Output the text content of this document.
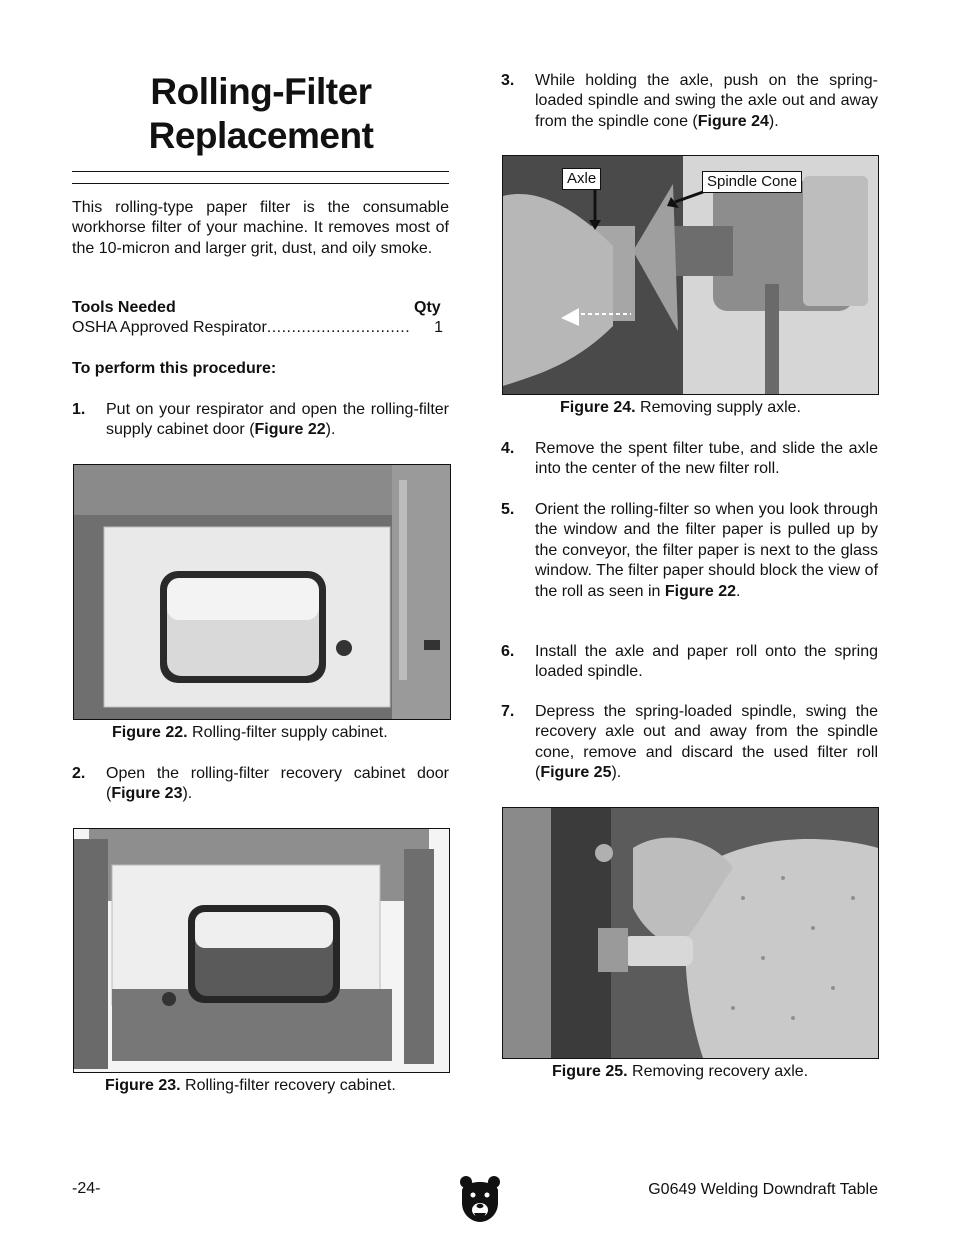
Rolling-Filter
Replacement
This rolling-type paper filter is the consumable workhorse filter of your machine. It removes most of the 10-micron and larger grit, dust, and oily smoke.
Tools Needed	Qty
OSHA Approved Respirator............................. 1
To perform this procedure:
1. Put on your respirator and open the rolling-filter supply cabinet door (Figure 22).
Figure 22. Rolling-filter supply cabinet.
2. Open the rolling-filter recovery cabinet door (Figure 23).
Figure 23. Rolling-filter recovery cabinet.
3. While holding the axle, push on the spring-loaded spindle and swing the axle out and away from the spindle cone (Figure 24).
Axle	Spindle Cone
Figure 24. Removing supply axle.
4. Remove the spent filter tube, and slide the axle into the center of the new filter roll.
5. Orient the rolling-filter so when you look through the window and the filter paper is pulled up by the conveyor, the filter paper is next to the glass window. The filter paper should block the view of the roll as seen in Figure 22.
6. Install the axle and paper roll onto the spring loaded spindle.
7. Depress the spring-loaded spindle, swing the recovery axle out and away from the spindle cone, remove and discard the used filter roll (Figure 25).
Figure 25. Removing recovery axle.
-24-	G0649 Welding Downdraft Table
